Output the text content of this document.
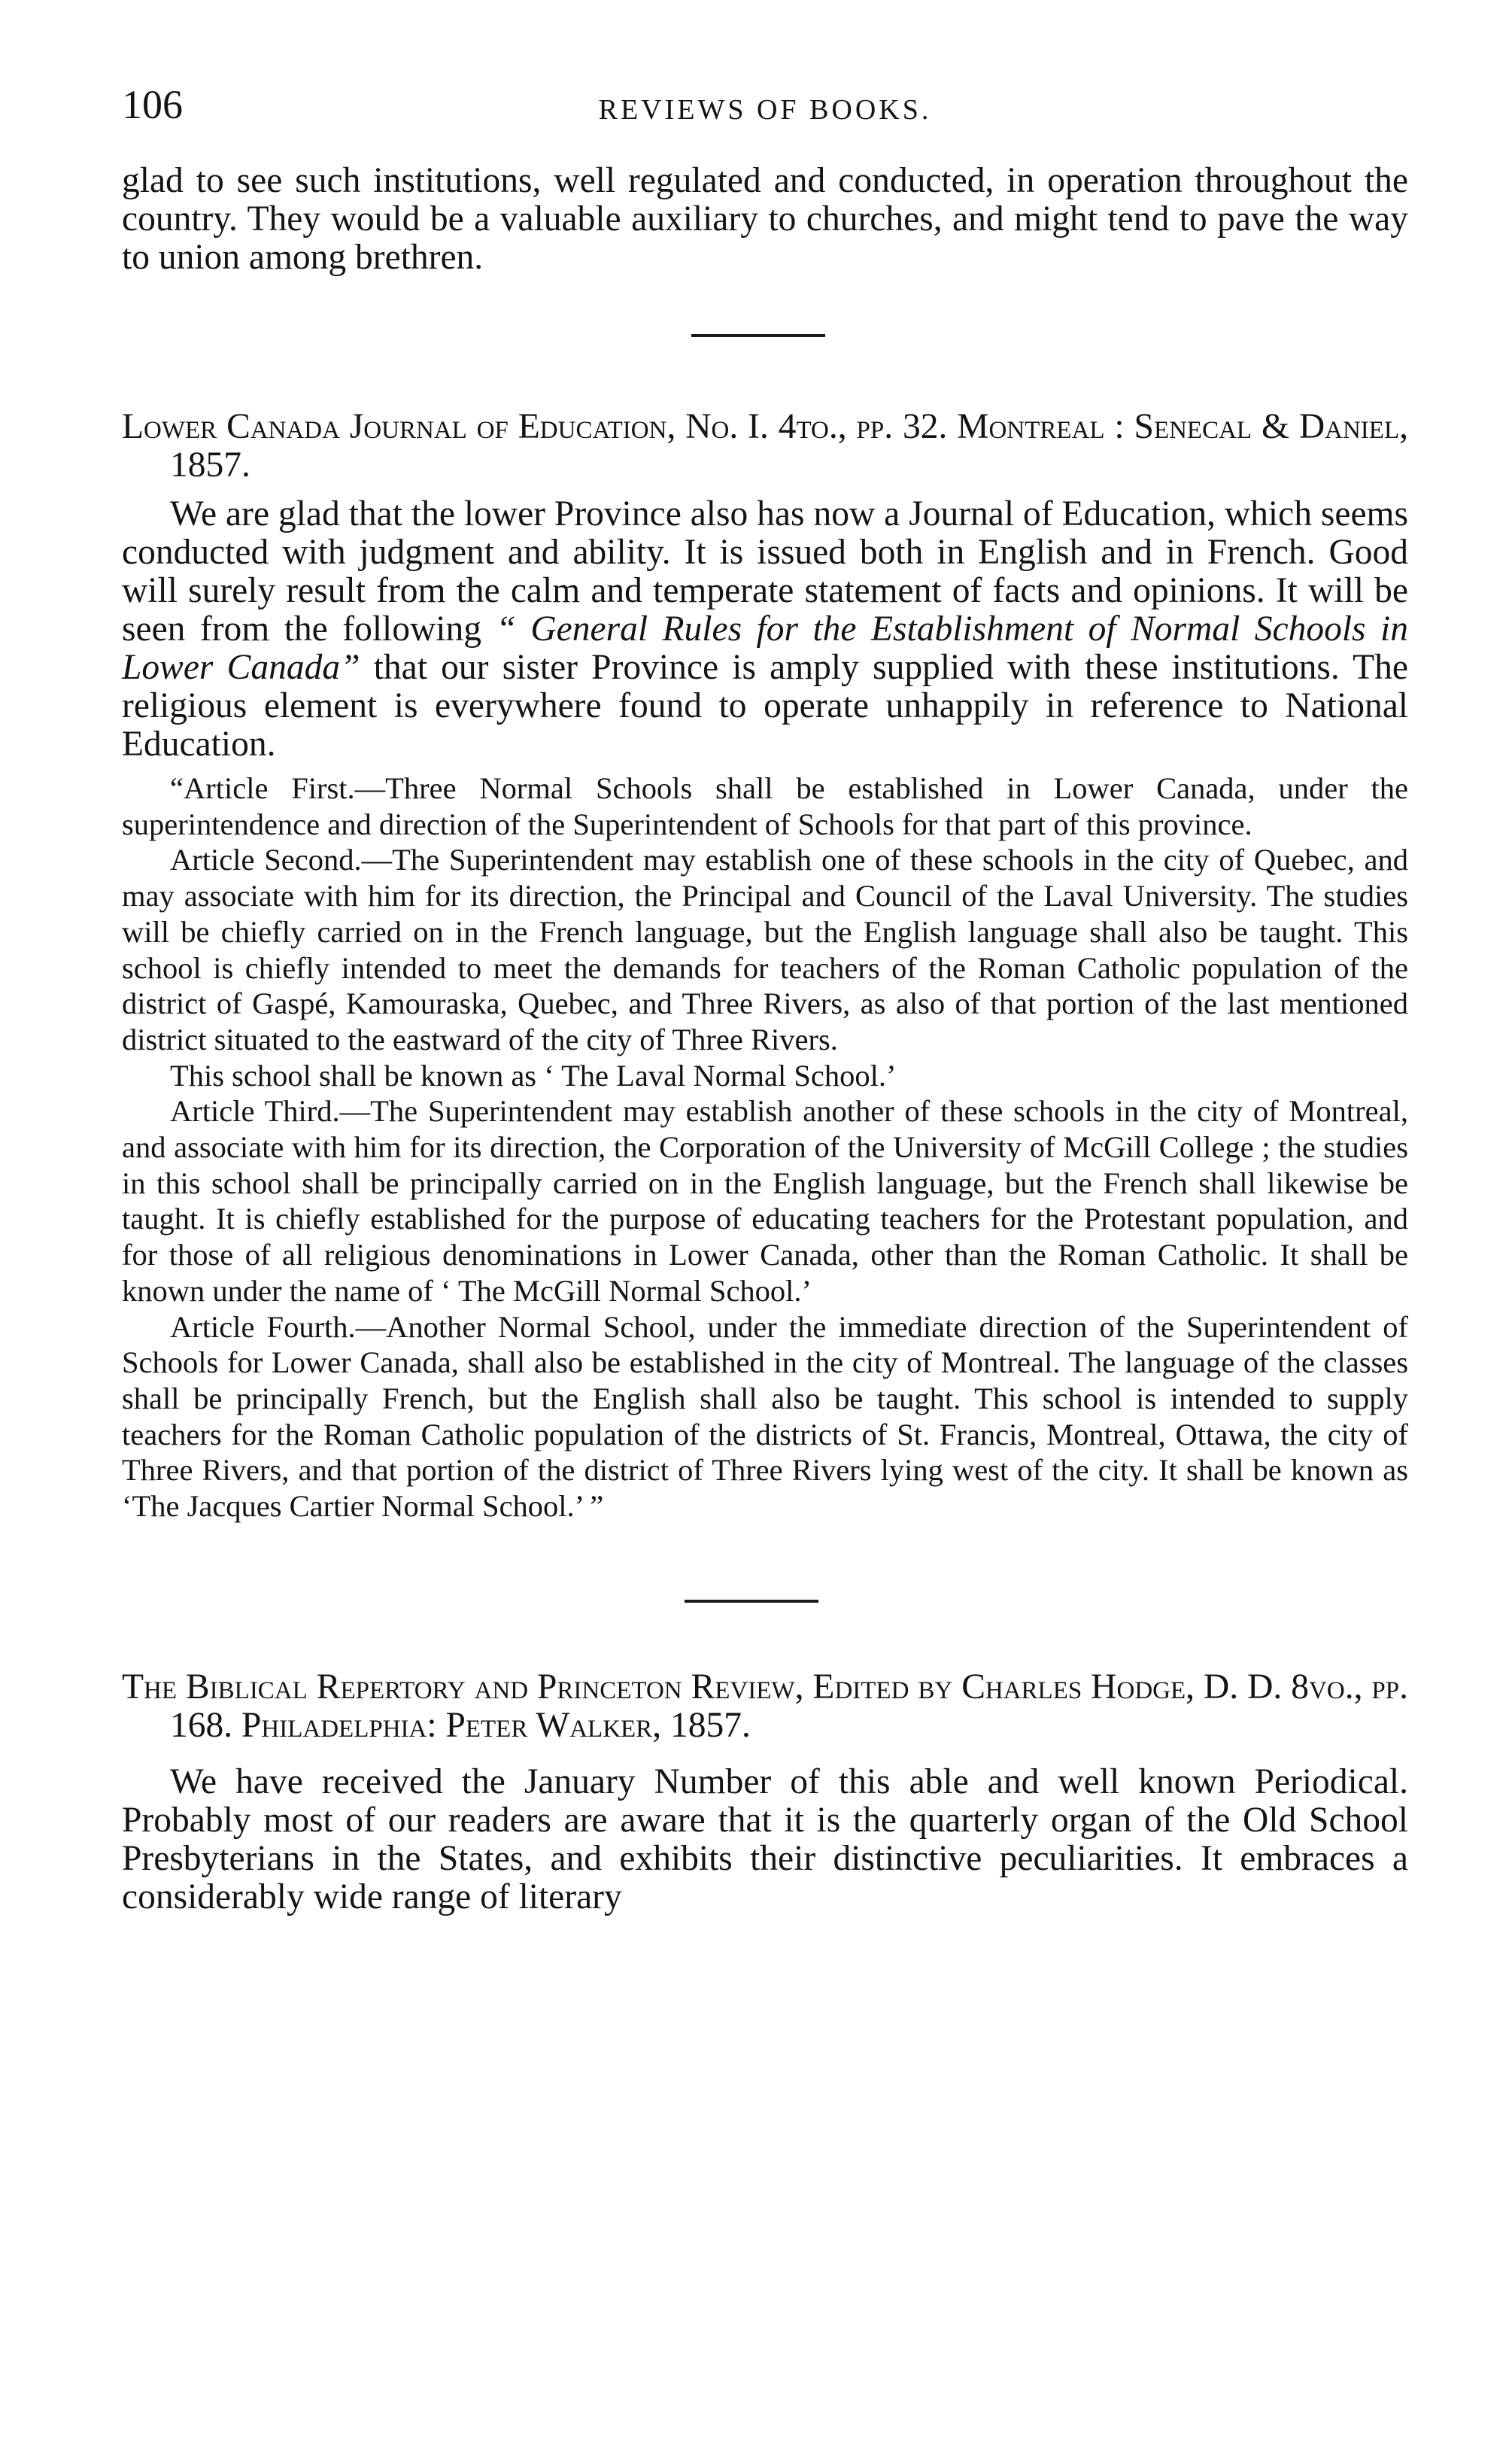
106	REVIEWS OF BOOKS.

glad to see such institutions, well regulated and conducted, in operation throughout the country. They would be a valuable auxiliary to churches, and might tend to pave the way to union among brethren.

Lower Canada Journal of Education, No. I. 4to., pp. 32. Montreal : Senecal & Daniel, 1857.

We are glad that the lower Province also has now a Journal of Education, which seems conducted with judgment and ability. It is issued both in English and in French. Good will surely result from the calm and temperate statement of facts and opinions. It will be seen from the following “ General Rules for the Establishment of Normal Schools in Lower Canada” that our sister Province is amply supplied with these institutions. The religious element is everywhere found to operate unhappily in reference to National Education.

“Article First.—Three Normal Schools shall be established in Lower Canada, under the superintendence and direction of the Superintendent of Schools for that part of this province.

Article Second.—The Superintendent may establish one of these schools in the city of Quebec, and may associate with him for its direction, the Principal and Council of the Laval University. The studies will be chiefly carried on in the French language, but the English language shall also be taught. This school is chiefly intended to meet the demands for teachers of the Roman Catholic population of the district of Gaspé, Kamouraska, Quebec, and Three Rivers, as also of that portion of the last mentioned district situated to the eastward of the city of Three Rivers.

This school shall be known as ‘ The Laval Normal School.’

Article Third.—The Superintendent may establish another of these schools in the city of Montreal, and associate with him for its direction, the Corporation of the University of McGill College ; the studies in this school shall be principally carried on in the English language, but the French shall likewise be taught. It is chiefly established for the purpose of educating teachers for the Protestant population, and for those of all religious denominations in Lower Canada, other than the Roman Catholic. It shall be known under the name of ‘ The McGill Normal School.’

Article Fourth.—Another Normal School, under the immediate direction of the Superintendent of Schools for Lower Canada, shall also be established in the city of Montreal. The language of the classes shall be principally French, but the English shall also be taught. This school is intended to supply teachers for the Roman Catholic population of the districts of St. Francis, Montreal, Ottawa, the city of Three Rivers, and that portion of the district of Three Rivers lying west of the city. It shall be known as ‘The Jacques Cartier Normal School.’ ”

The Biblical Repertory and Princeton Review, Edited by Charles Hodge, D. D. 8vo., pp. 168. Philadelphia: Peter Walker, 1857.

We have received the January Number of this able and well known Periodical. Probably most of our readers are aware that it is the quarterly organ of the Old School Presbyterians in the States, and exhibits their distinctive peculiarities. It embraces a considerably wide range of literary
